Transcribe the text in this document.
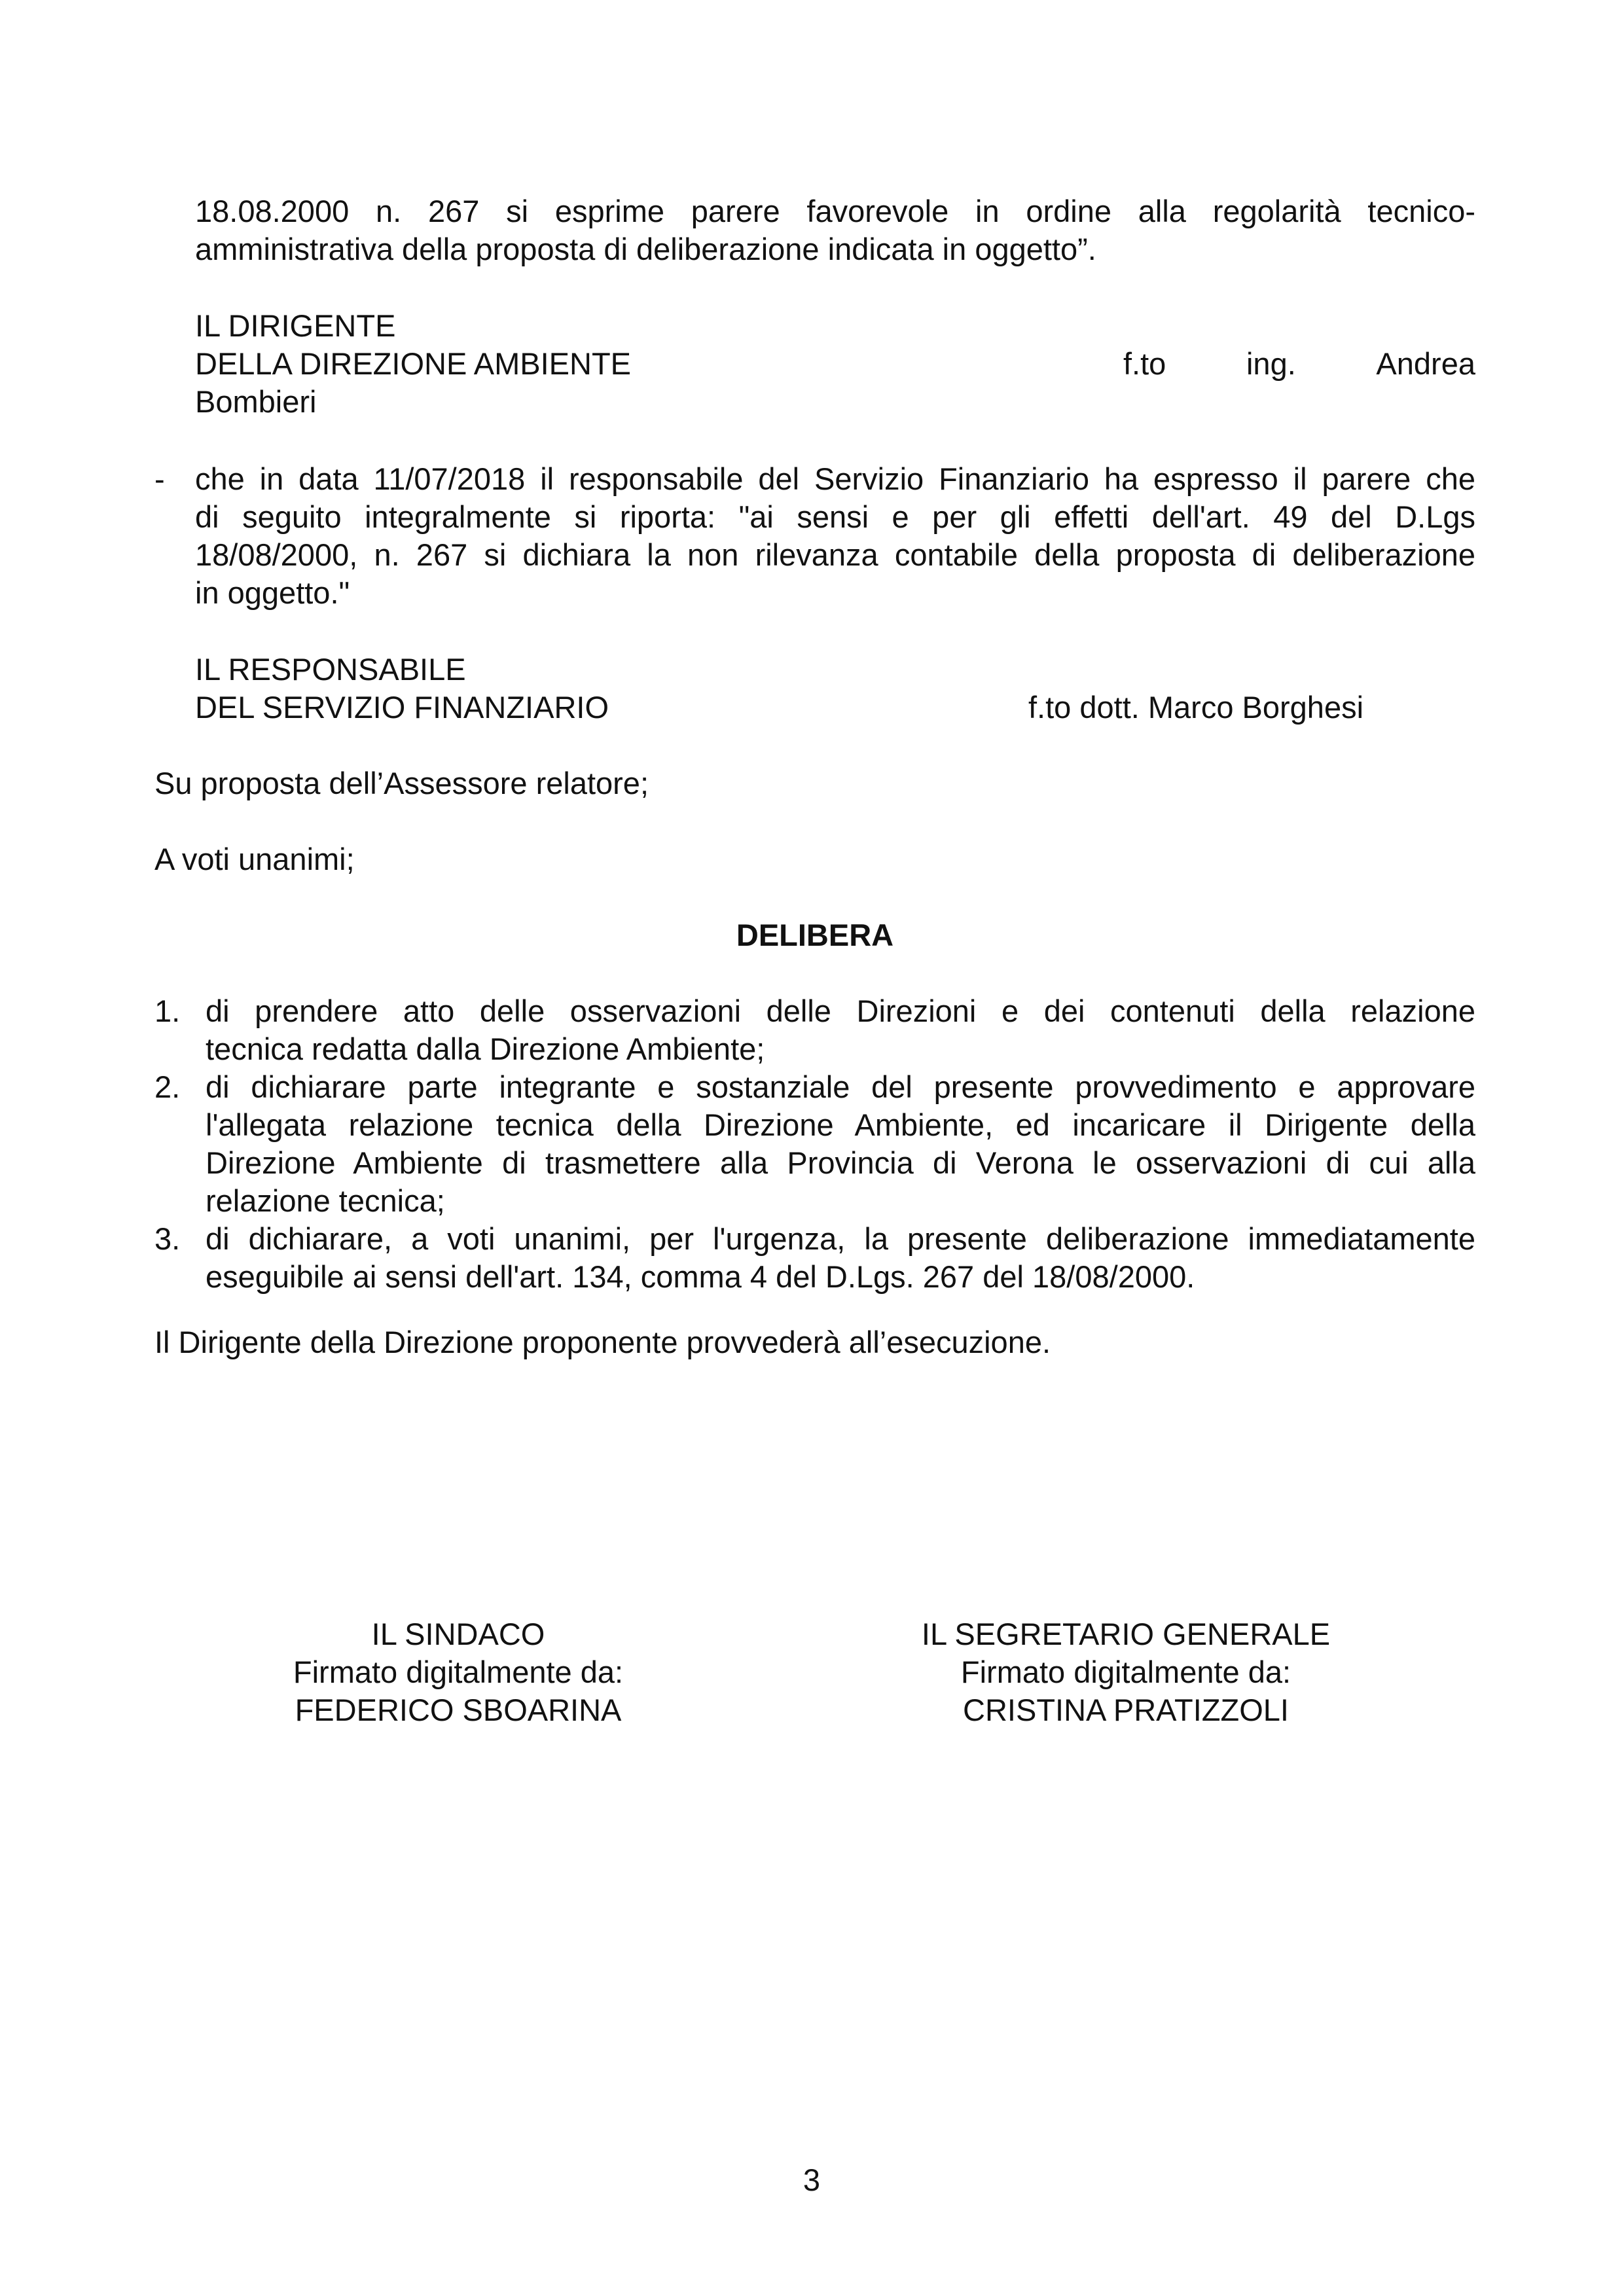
18.08.2000 n. 267 si esprime parere favorevole in ordine alla regolarità tecnico-
amministrativa della proposta di deliberazione indicata in oggetto”.
IL DIRIGENTE
DELLA DIREZIONE AMBIENTE	f.to	ing.	Andrea
Bombieri
- che in data 11/07/2018 il responsabile del Servizio Finanziario ha espresso il parere che
di seguito integralmente si riporta: "ai sensi e per gli effetti dell'art. 49 del D.Lgs
18/08/2000, n. 267 si dichiara la non rilevanza contabile della proposta di deliberazione
in oggetto."
IL RESPONSABILE
DEL SERVIZIO FINANZIARIO	f.to dott. Marco Borghesi
Su proposta dell’Assessore relatore;
A voti unanimi;
DELIBERA
1. di prendere atto delle osservazioni delle Direzioni e dei contenuti della relazione
tecnica redatta dalla Direzione Ambiente;
2. di dichiarare parte integrante e sostanziale del presente provvedimento e approvare
l'allegata relazione tecnica della Direzione Ambiente, ed incaricare il Dirigente della
Direzione Ambiente di trasmettere alla Provincia di Verona le osservazioni di cui alla
relazione tecnica;
3. di dichiarare, a voti unanimi, per l'urgenza, la presente deliberazione immediatamente
eseguibile ai sensi dell'art. 134, comma 4 del D.Lgs. 267 del 18/08/2000.
Il Dirigente della Direzione proponente provvederà all’esecuzione.
IL SINDACO
Firmato digitalmente da:
FEDERICO SBOARINA
IL SEGRETARIO GENERALE
Firmato digitalmente da:
CRISTINA PRATIZZOLI
3
